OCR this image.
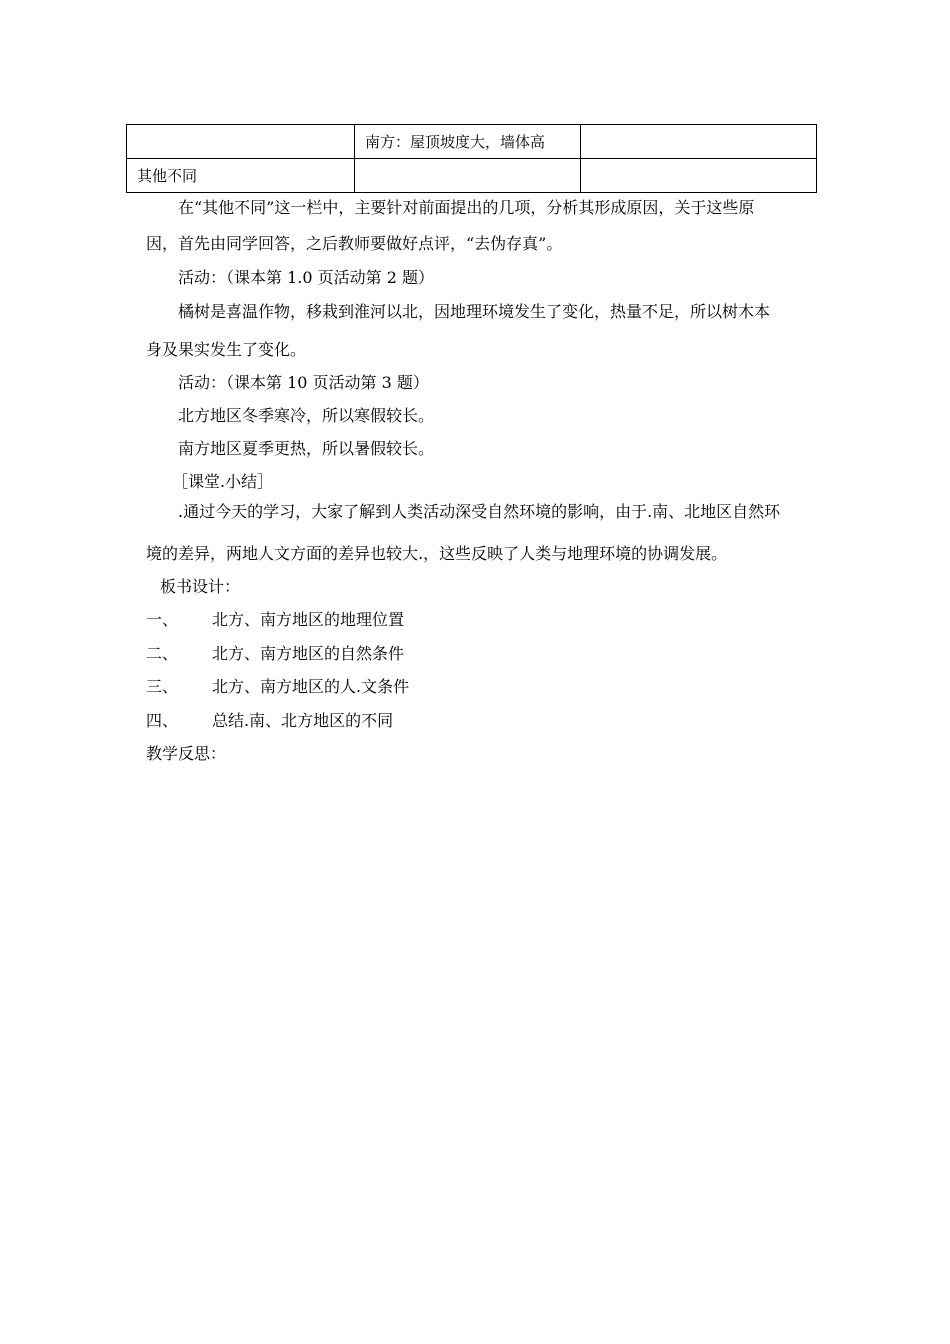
	南方：屋顶坡度大，墙体高	
其他不同		
在“其他不同”这一栏中，主要针对前面提出的几项，分析其形成原因，关于这些原
因，首先由同学回答，之后教师要做好点评，“去伪存真”。
活动：（课本第 1.0 页活动第 2 题）
橘树是喜温作物，移栽到淮河以北，因地理环境发生了变化，热量不足，所以树木本
身及果实发生了变化。
活动：（课本第 10 页活动第 3 题）
北方地区冬季寒冷，所以寒假较长。
南方地区夏季更热，所以暑假较长。
［课堂.小结］
.通过今天的学习，大家了解到人类活动深受自然环境的影响，由于.南、北地区自然环
境的差异，两地人文方面的差异也较大.，这些反映了人类与地理环境的协调发展。
板书设计：
一、 北方、南方地区的地理位置
二、 北方、南方地区的自然条件
三、 北方、南方地区的人.文条件
四、 总结.南、北方地区的不同
教学反思：
